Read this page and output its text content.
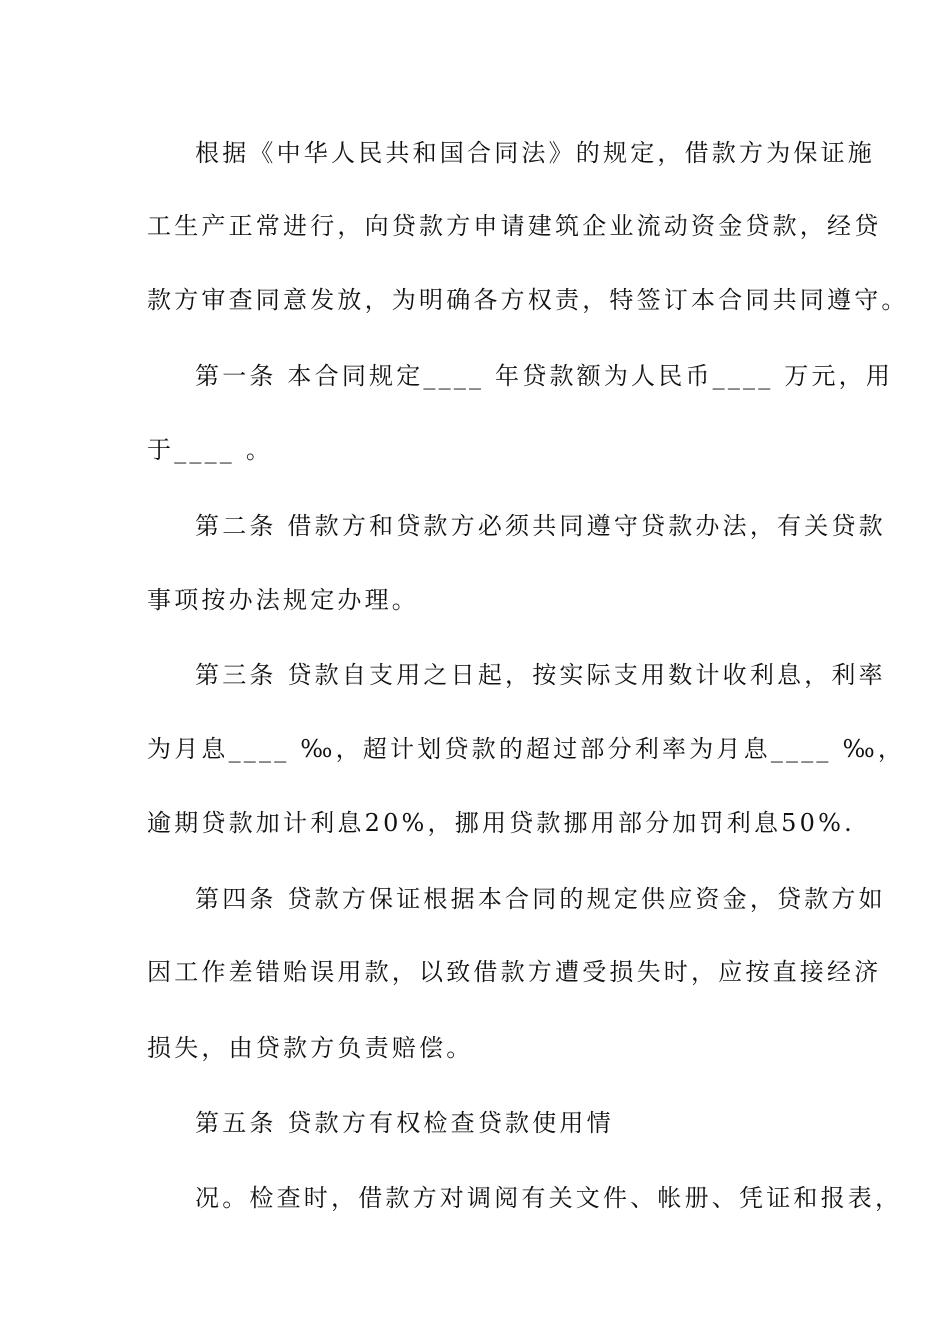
根据《中华人民共和国合同法》的规定，借款方为保证施
工生产正常进行，向贷款方申请建筑企业流动资金贷款，经贷
款方审查同意发放，为明确各方权责，特签订本合同共同遵守。
第一条 本合同规定____ 年贷款额为人民币____ 万元，用
于____ 。
第二条 借款方和贷款方必须共同遵守贷款办法，有关贷款
事项按办法规定办理。
第三条 贷款自支用之日起，按实际支用数计收利息，利率
为月息____ ‰，超计划贷款的超过部分利率为月息____ ‰，
逾期贷款加计利息20%，挪用贷款挪用部分加罚利息50%.
第四条 贷款方保证根据本合同的规定供应资金，贷款方如
因工作差错贻误用款，以致借款方遭受损失时，应按直接经济
损失，由贷款方负责赔偿。
第五条 贷款方有权检查贷款使用情
况。检查时，借款方对调阅有关文件、帐册、凭证和报表，
